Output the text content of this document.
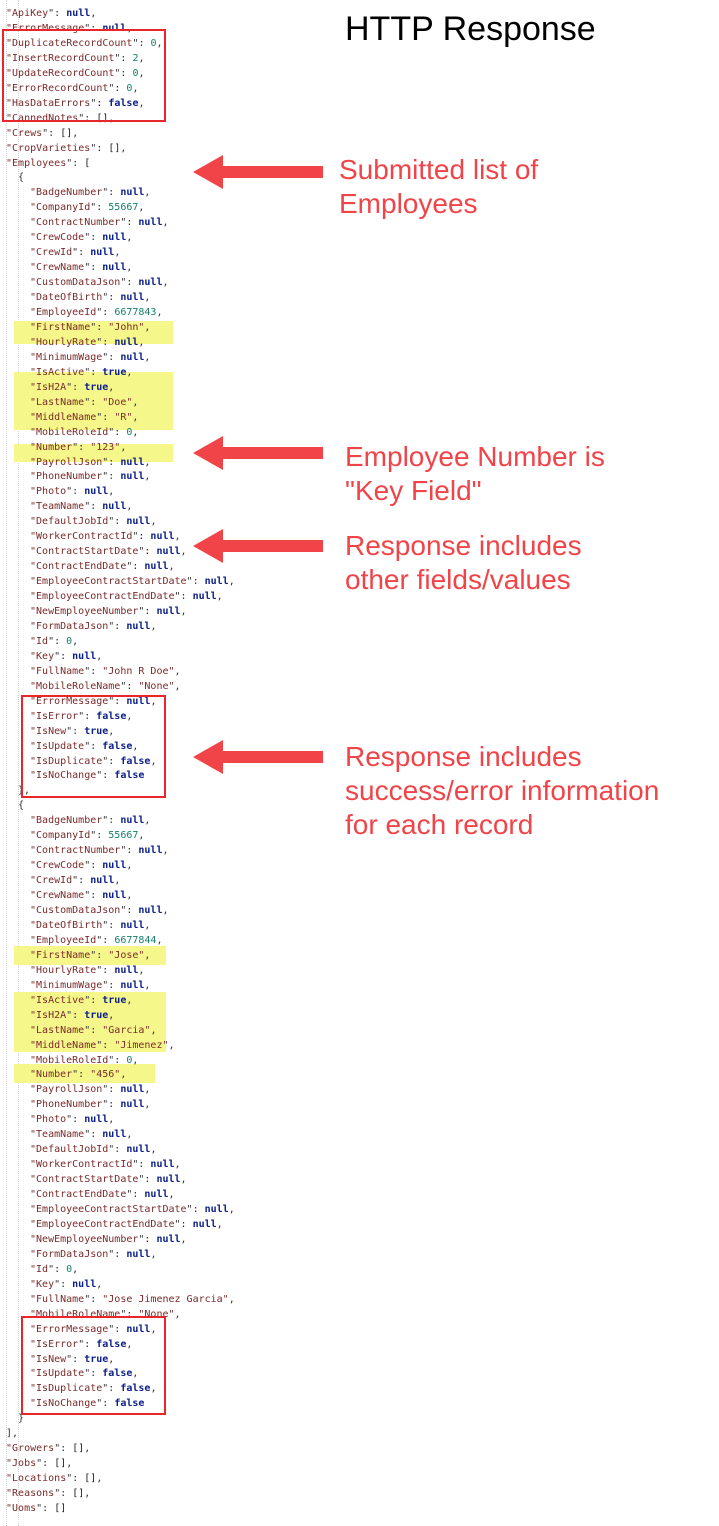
"ApiKey": null,
"ErrorMessage": null,
"DuplicateRecordCount": 0,
"InsertRecordCount": 2,
"UpdateRecordCount": 0,
"ErrorRecordCount": 0,
"HasDataErrors": false,
"CannedNotes": [],
"Crews": [],
"CropVarieties": [],
"Employees": [
{
"BadgeNumber": null,
"CompanyId": 55667,
"ContractNumber": null,
"CrewCode": null,
"CrewId": null,
"CrewName": null,
"CustomDataJson": null,
"DateOfBirth": null,
"EmployeeId": 6677843,
"FirstName": "John",
"HourlyRate": null,
"MinimumWage": null,
"IsActive": true,
"IsH2A": true,
"LastName": "Doe",
"MiddleName": "R",
"MobileRoleId": 0,
"Number": "123",
"PayrollJson": null,
"PhoneNumber": null,
"Photo": null,
"TeamName": null,
"DefaultJobId": null,
"WorkerContractId": null,
"ContractStartDate": null,
"ContractEndDate": null,
"EmployeeContractStartDate": null,
"EmployeeContractEndDate": null,
"NewEmployeeNumber": null,
"FormDataJson": null,
"Id": 0,
"Key": null,
"FullName": "John R Doe",
"MobileRoleName": "None",
"ErrorMessage": null,
"IsError": false,
"IsNew": true,
"IsUpdate": false,
"IsDuplicate": false,
"IsNoChange": false
},
{
"BadgeNumber": null,
"CompanyId": 55667,
"ContractNumber": null,
"CrewCode": null,
"CrewId": null,
"CrewName": null,
"CustomDataJson": null,
"DateOfBirth": null,
"EmployeeId": 6677844,
"FirstName": "Jose",
"HourlyRate": null,
"MinimumWage": null,
"IsActive": true,
"IsH2A": true,
"LastName": "Garcia",
"MiddleName": "Jimenez",
"MobileRoleId": 0,
"Number": "456",
"PayrollJson": null,
"PhoneNumber": null,
"Photo": null,
"TeamName": null,
"DefaultJobId": null,
"WorkerContractId": null,
"ContractStartDate": null,
"ContractEndDate": null,
"EmployeeContractStartDate": null,
"EmployeeContractEndDate": null,
"NewEmployeeNumber": null,
"FormDataJson": null,
"Id": 0,
"Key": null,
"FullName": "Jose Jimenez Garcia",
"MobileRoleName": "None",
"ErrorMessage": null,
"IsError": false,
"IsNew": true,
"IsUpdate": false,
"IsDuplicate": false,
"IsNoChange": false
}
],
"Growers": [],
"Jobs": [],
"Locations": [],
"Reasons": [],
"Uoms": []
HTTP Response
Submitted list of
Employees
Employee Number is
"Key Field"
Response includes
other fields/values
Response includes
success/error information
for each record
